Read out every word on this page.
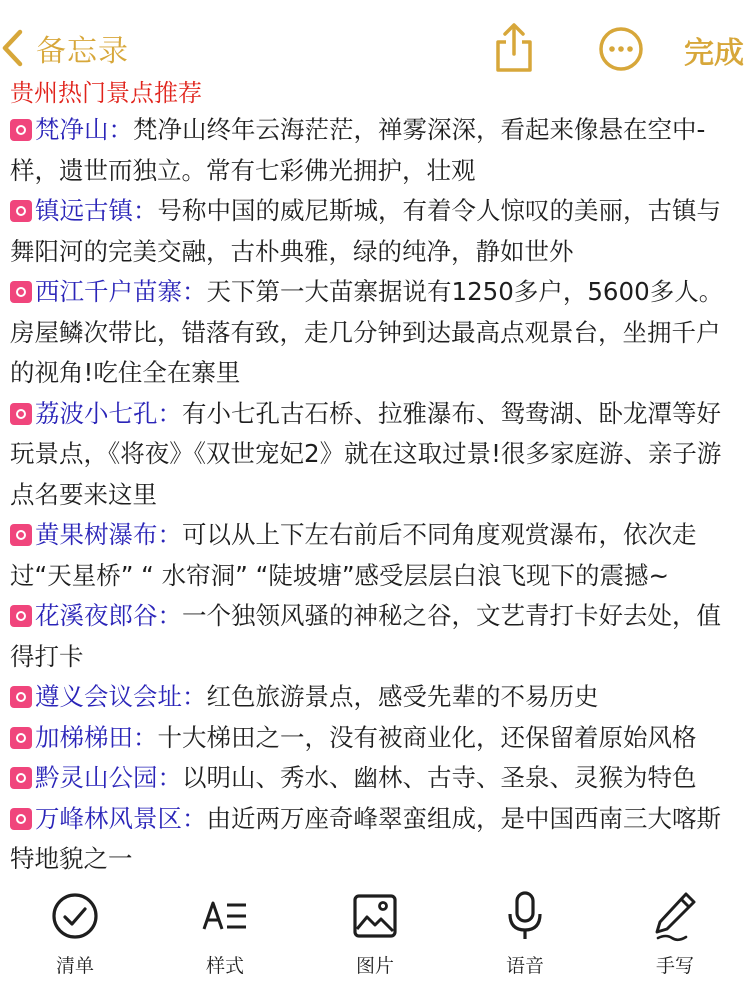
备忘录	完成
贵州热门景点推荐
梵净山：梵净山终年云海茫茫，禅雾深深，看起来像悬在空中-样，遗世而独立。常有七彩佛光拥护，壮观
镇远古镇：号称中国的威尼斯城，有着令人惊叹的美丽，古镇与舞阳河的完美交融，古朴典雅，绿的纯净，静如世外
西江千户苗寨：天下第一大苗寨据说有1250多户，5600多人。房屋鳞次带比，错落有致，走几分钟到达最高点观景台，坐拥千户的视角!吃住全在寨里
荔波小七孔：有小七孔古石桥、拉雅瀑布、鸳鸯湖、卧龙潭等好玩景点，《将夜》《双世宠妃2》就在这取过景!很多家庭游、亲子游点名要来这里
黄果树瀑布：可以从上下左右前后不同角度观赏瀑布，依次走过“天星桥” “ 水帘洞” “陡坡塘”感受层层白浪飞现下的震撼~
花溪夜郎谷：一个独领风骚的神秘之谷，文艺青打卡好去处，值得打卡
遵义会议会址：红色旅游景点，感受先辈的不易历史
加梯梯田：十大梯田之一，没有被商业化，还保留着原始风格
黔灵山公园：以明山、秀水、幽林、古寺、圣泉、灵猴为特色
万峰林风景区：由近两万座奇峰翠蛮组成，是中国西南三大喀斯特地貌之一
清单	样式	图片	语音	手写
